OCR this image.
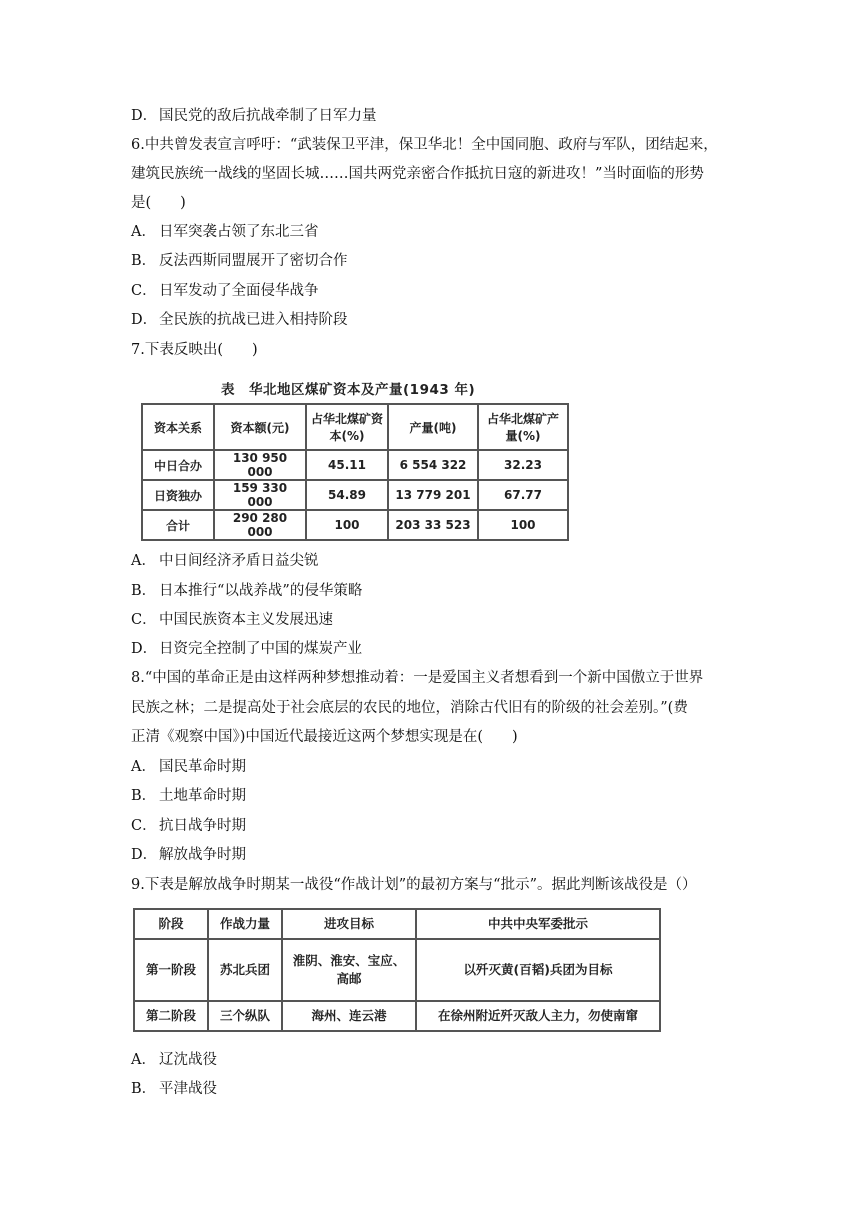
D． 国民党的敌后抗战牵制了日军力量
6.中共曾发表宣言呼吁：“武装保卫平津，保卫华北！全中国同胞、政府与军队，团结起来，
建筑民族统一战线的坚固长城……国共两党亲密合作抵抗日寇的新进攻！”当时面临的形势
是(　　)
A． 日军突袭占领了东北三省
B． 反法西斯同盟展开了密切合作
C． 日军发动了全面侵华战争
D． 全民族的抗战已进入相持阶段
7.下表反映出(　　)
表　华北地区煤矿资本及产量(1943 年)
资本关系	资本额(元)	占华北煤矿资本(%)	产量(吨)	占华北煤矿产量(%)
中日合办	130 950 000	45.11	6 554 322	32.23
日资独办	159 330 000	54.89	13 779 201	67.77
合计	290 280 000	100	203 33 523	100
A． 中日间经济矛盾日益尖锐
B． 日本推行“以战养战”的侵华策略
C． 中国民族资本主义发展迅速
D． 日资完全控制了中国的煤炭产业
8.“中国的革命正是由这样两种梦想推动着：一是爱国主义者想看到一个新中国傲立于世界
民族之林；二是提高处于社会底层的农民的地位，消除古代旧有的阶级的社会差别。”(费
正清《观察中国》)中国近代最接近这两个梦想实现是在(　　)
A． 国民革命时期
B． 土地革命时期
C． 抗日战争时期
D． 解放战争时期
9.下表是解放战争时期某一战役“作战计划”的最初方案与“批示”。据此判断该战役是（）
阶段	作战力量	进攻目标	中共中央军委批示
第一阶段	苏北兵团	淮阴、淮安、宝应、高邮	以歼灭黄(百韬)兵团为目标
第二阶段	三个纵队	海州、连云港	在徐州附近歼灭敌人主力，勿使南窜
A． 辽沈战役
B． 平津战役
